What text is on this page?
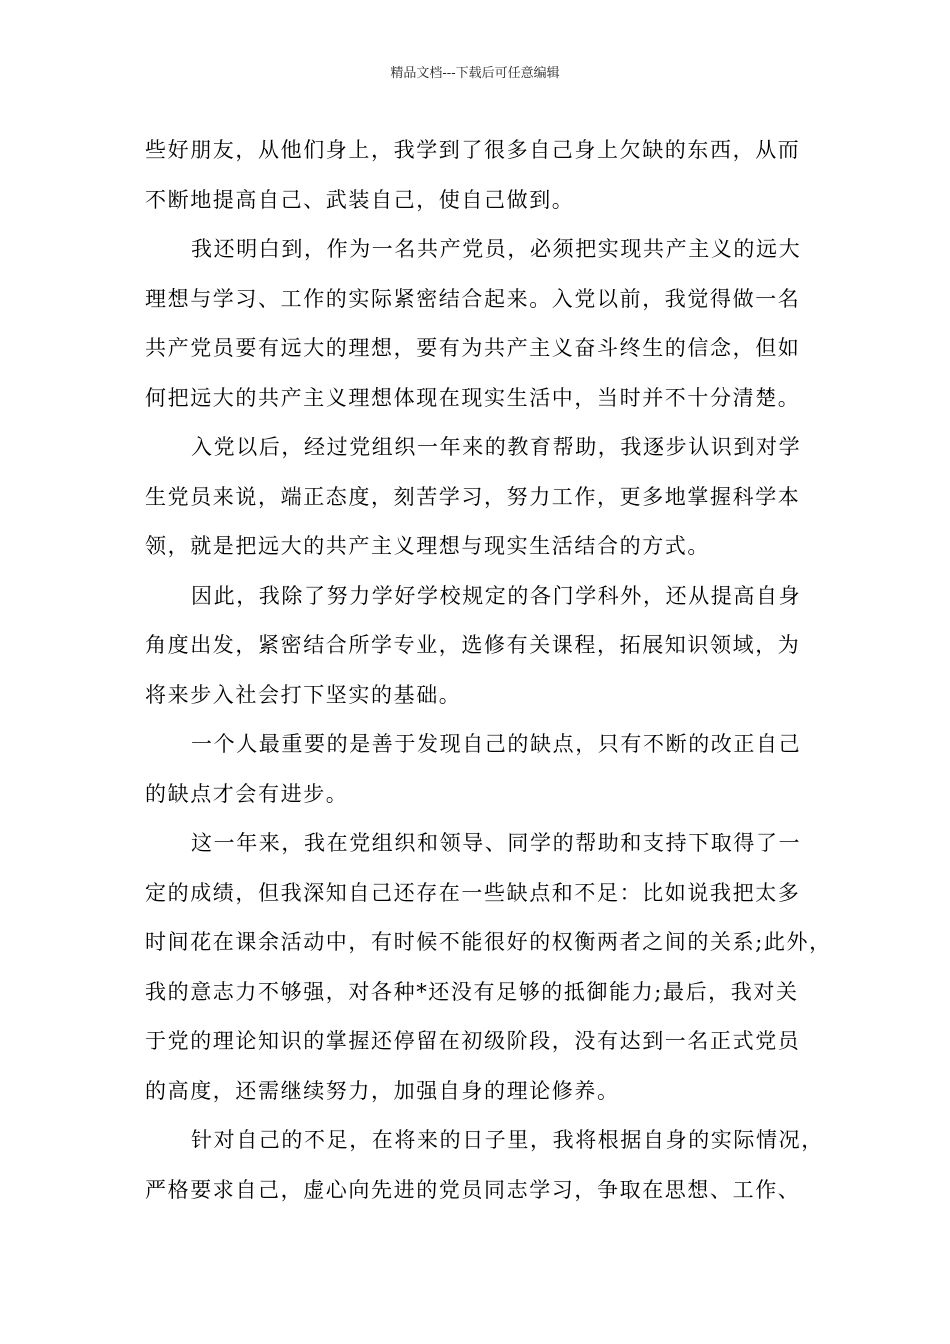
精品文档---下载后可任意编辑
些好朋友，从他们身上，我学到了很多自己身上欠缺的东西，从而
不断地提高自己、武装自己，使自己做到。
我还明白到，作为一名共产党员，必须把实现共产主义的远大
理想与学习、工作的实际紧密结合起来。入党以前，我觉得做一名
共产党员要有远大的理想，要有为共产主义奋斗终生的信念，但如
何把远大的共产主义理想体现在现实生活中，当时并不十分清楚。
入党以后，经过党组织一年来的教育帮助，我逐步认识到对学
生党员来说，端正态度，刻苦学习，努力工作，更多地掌握科学本
领，就是把远大的共产主义理想与现实生活结合的方式。
因此，我除了努力学好学校规定的各门学科外，还从提高自身
角度出发，紧密结合所学专业，选修有关课程，拓展知识领域，为
将来步入社会打下坚实的基础。
一个人最重要的是善于发现自己的缺点，只有不断的改正自己
的缺点才会有进步。
这一年来，我在党组织和领导、同学的帮助和支持下取得了一
定的成绩，但我深知自己还存在一些缺点和不足：比如说我把太多
时间花在课余活动中，有时候不能很好的权衡两者之间的关系;此外，
我的意志力不够强，对各种*还没有足够的抵御能力;最后，我对关
于党的理论知识的掌握还停留在初级阶段，没有达到一名正式党员
的高度，还需继续努力，加强自身的理论修养。
针对自己的不足，在将来的日子里，我将根据自身的实际情况，
严格要求自己，虚心向先进的党员同志学习，争取在思想、工作、
